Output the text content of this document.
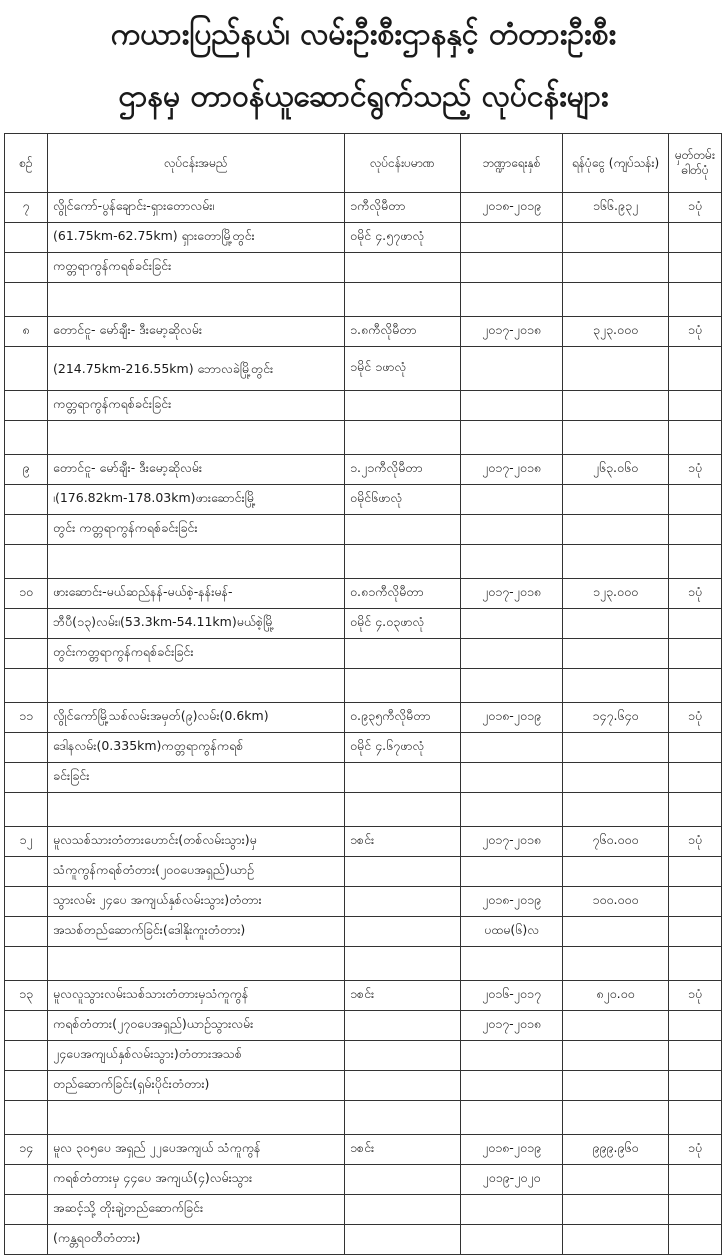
ကယားပြည်နယ်၊ လမ်းဦးစီးဌာနနှင့် တံတားဦးစီး
ဌာနမှ တာဝန်ယူဆောင်ရွက်သည့် လုပ်ငန်းများ
စဉ်	လုပ်ငန်းအမည်	လုပ်ငန်းပမာဏ	ဘဏ္ဍာရေးနှစ်	ရန်ပုံငွေ (ကျပ်သန်း)	မှတ်တမ်း ဓါတ်ပုံ
၇	လွိုင်ကော်-ပွန်ချောင်း-ရှားတောလမ်း၊	၁ကီလိုမီတာ	၂၀၁၈-၂၀၁၉	၁၆၆.၉၃၂	၁ပုံ
	(61.75km-62.75km) ရှားတောမြို့တွင်း	ဝမိုင် ၄.၅၇ဖာလုံ			
	ကတ္တရာကွန်ကရစ်ခင်းခြင်း				

၈	တောင်ငူ- မော်ချီး- ဒီးမော့ဆိုလမ်း	၁.၈ကီလိုမီတာ	၂၀၁၇-၂၀၁၈	၃၂၃.၀၀၀	၁ပုံ
	(214.75km-216.55km) ဘောလခဲမြို့တွင်း	၁မိုင် ၁ဖာလုံ			
	ကတ္တရာကွန်ကရစ်ခင်းခြင်း				

၉	တောင်ငူ- မော်ချီး- ဒီးမော့ဆိုလမ်း	၁.၂၁ကီလိုမီတာ	၂၀၁၇-၂၀၁၈	၂၆၃.၀၆၀	၁ပုံ
	၊(176.82km-178.03km)ဖားဆောင်းမြို့	ဝမိုင်၆ဖာလုံ			
	တွင်း ကတ္တရာကွန်ကရစ်ခင်းခြင်း				

၁၀	ဖားဆောင်း-မယ်ဆည်နန်-မယ်စဲ့-နန်းမန်-	၀.၈၁ကီလိုမီတာ	၂၀၁၇-၂၀၁၈	၁၂၃.၀၀၀	၁ပုံ
	ဘီပီ(၁၃)လမ်း၊(53.3km-54.11km)မယ်စဲ့မြို့	ဝမိုင် ၄.၀၃ဖာလုံ			
	တွင်းကတ္တရာကွန်ကရစ်ခင်းခြင်း				

၁၁	လွိုင်ကော်မြို့သစ်လမ်းအမှတ်(၉)လမ်း(0.6km)	၀.၉၃၅ကီလိုမီတာ	၂၀၁၈-၂၀၁၉	၁၄၇.၆၄၀	၁ပုံ
	ဒေါနလမ်း(0.335km)ကတ္တရာကွန်ကရစ်	ဝမိုင် ၄.၆၇ဖာလုံ			
	ခင်းခြင်း				

၁၂	မူလသစ်သားတံတားဟောင်း(တစ်လမ်းသွား)မှ	၁စင်း	၂၀၁၇-၂၀၁၈	၇၆၀.၀၀၀	၁ပုံ
	သံကူကွန်ကရစ်တံတား(၂၀၀ပေအရှည်)ယာဉ်				
	သွားလမ်း ၂၄ပေ အကျယ်နှစ်လမ်းသွား)တံတား		၂၀၁၈-၂၀၁၉	၁၀၀.၀၀၀	
	အသစ်တည်ဆောက်ခြင်း(ဒေါနိုးကူးတံတား)		ပထမ(၆)လ		

၁၃	မူလလူသွားလမ်းသစ်သားတံတားမှသံကူကွန်	၁စင်း	၂၀၁၆-၂၀၁၇	၈၂၀.၀၀	၁ပုံ
	ကရစ်တံတား(၂၇၀ပေအရှည်)ယာဉ်သွားလမ်း		၂၀၁၇-၂၀၁၈		
	၂၄ပေအကျယ်နှစ်လမ်းသွား)တံတားအသစ်				
	တည်ဆောက်ခြင်း(ရှမ်းပိုင်းတံတား)				

၁၄	မူလ ၃၀၅ပေ အရှည် ၂၂ပေအကျယ် သံကူကွန်	၁စင်း	၂၀၁၈-၂၀၁၉	၉၉၉.၉၆၀	၁ပုံ
	ကရစ်တံတားမှ ၄၄ပေ အကျယ်(၄)လမ်းသွား		၂၀၁၉-၂၀၂၀		
	အဆင့်သို့ တိုးချဲ့တည်ဆောက်ခြင်း				
	(ကန္တရဝတီတံတား)				
